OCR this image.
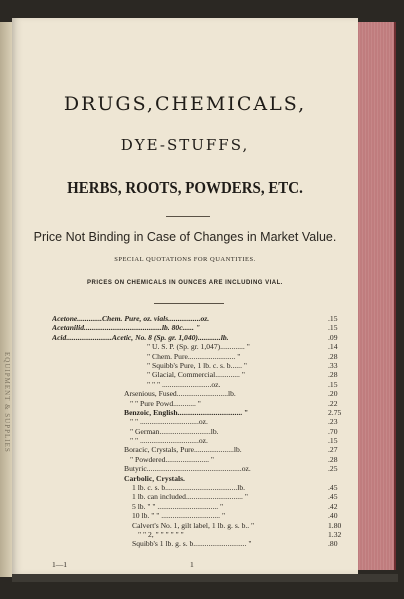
EQUIPMENT & SUPPLIES
DRUGS,CHEMICALS,
DYE-STUFFS,
HERBS, ROOTS, POWDERS, ETC.
Price Not Binding in Case of Changes in Market Value.
SPECIAL QUOTATIONS FOR QUANTITIES.
PRICES ON CHEMICALS IN OUNCES ARE INCLUDING VIAL.
Acetone.............Chem. Pure, oz. vials.................oz.	.15
Acetanilid.........................................lb. 80c...... "	.15
Acid........................Acetic, No. 8 (Sp. gr. 1,040)............lb.	.09
" U. S. P. (Sp. gr. 1,047)............. "	.14
" Chem. Pure......................... "	.28
" Squibb's Pure, 1 lb. c. s. b...... "	.33
" Glacial, Commercial............. "	.28
" " " ..........................oz.	.15
Arsenious, Fused...........................lb.	.20
" " Pure Powd............ "	.22
Benzoic, English.................................. "	2.75
" " ...............................oz.	.23
" German...........................lb.	.70
" " ...............................oz.	.15
Boracic, Crystals, Pure.....................lb.	.27
" Powdered....................... "	.28
Butyric..................................................oz.	.25
Carbolic, Crystals.
1 lb. c. s. b......................................lb.	.45
1 lb. can included.............................. "	.45
5 lb. " " ................................ "	.42
10 lb. " " ............................... "	.40
Calvert's No. 1, gilt label, 1 lb. g. s. b.. "	1.80
" " 2, " " " " " "	1.32
Squibb's 1 lb. g. s. b............................ "	.80
1—1	1
